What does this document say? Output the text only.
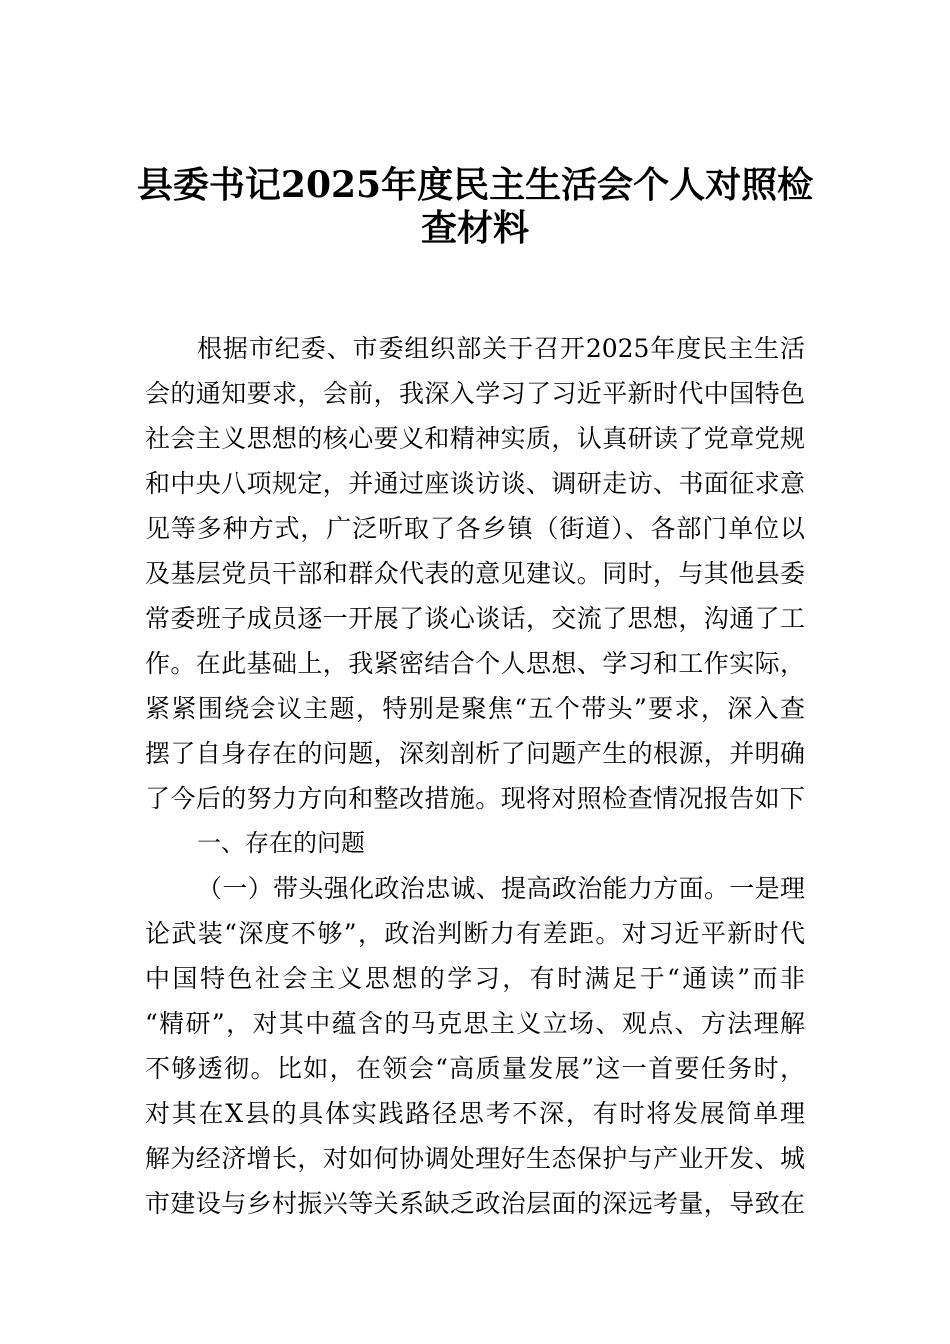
县委书记2025年度民主生活会个人对照检
查材料
根据市纪委、市委组织部关于召开2025年度民主生活
会的通知要求，会前，我深入学习了习近平新时代中国特色
社会主义思想的核心要义和精神实质，认真研读了党章党规
和中央八项规定，并通过座谈访谈、调研走访、书面征求意
见等多种方式，广泛听取了各乡镇（街道）、各部门单位以
及基层党员干部和群众代表的意见建议。同时，与其他县委
常委班子成员逐一开展了谈心谈话，交流了思想，沟通了工
作。在此基础上，我紧密结合个人思想、学习和工作实际，
紧紧围绕会议主题，特别是聚焦“五个带头”要求，深入查
摆了自身存在的问题，深刻剖析了问题产生的根源，并明确
了今后的努力方向和整改措施。现将对照检查情况报告如下
一、存在的问题
（一）带头强化政治忠诚、提高政治能力方面。一是理
论武装“深度不够”，政治判断力有差距。对习近平新时代
中国特色社会主义思想的学习，有时满足于“通读”而非
“精研”，对其中蕴含的马克思主义立场、观点、方法理解
不够透彻。比如，在领会“高质量发展”这一首要任务时，
对其在X县的具体实践路径思考不深，有时将发展简单理
解为经济增长，对如何协调处理好生态保护与产业开发、城
市建设与乡村振兴等关系缺乏政治层面的深远考量，导致在
